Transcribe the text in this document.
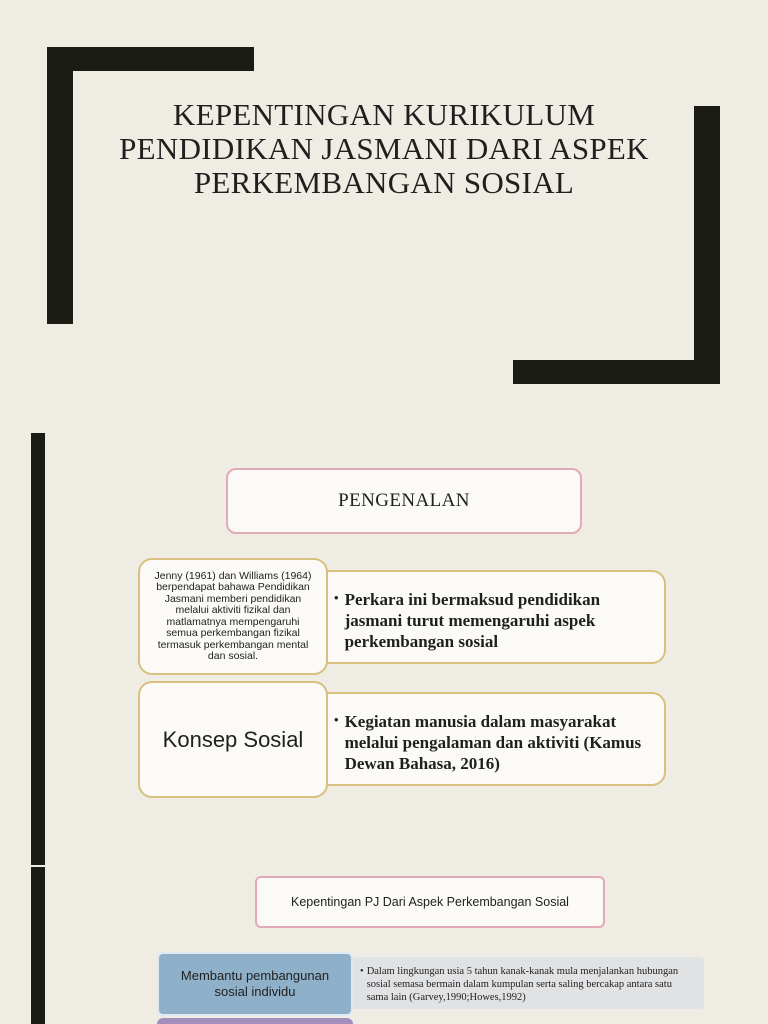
KEPENTINGAN KURIKULUM
PENDIDIKAN JASMANI DARI ASPEK
PERKEMBANGAN SOSIAL
PENGENALAN
• Perkara ini bermaksud pendidikan jasmani turut memengaruhi aspek perkembangan sosial
Jenny (1961) dan Williams (1964) berpendapat bahawa Pendidikan Jasmani memberi pendidikan melalui aktiviti fizikal dan matlamatnya mempengaruhi semua perkembangan fizikal termasuk perkembangan mental dan sosial.
• Kegiatan manusia dalam masyarakat melalui pengalaman dan aktiviti (Kamus Dewan Bahasa, 2016)
Konsep Sosial
Kepentingan PJ Dari Aspek Perkembangan Sosial
• Dalam lingkungan usia 5 tahun kanak-kanak mula menjalankan hubungan sosial semasa bermain dalam kumpulan serta saling bercakap antara satu sama lain (Garvey,1990;Howes,1992)
Membantu pembangunan sosial individu
